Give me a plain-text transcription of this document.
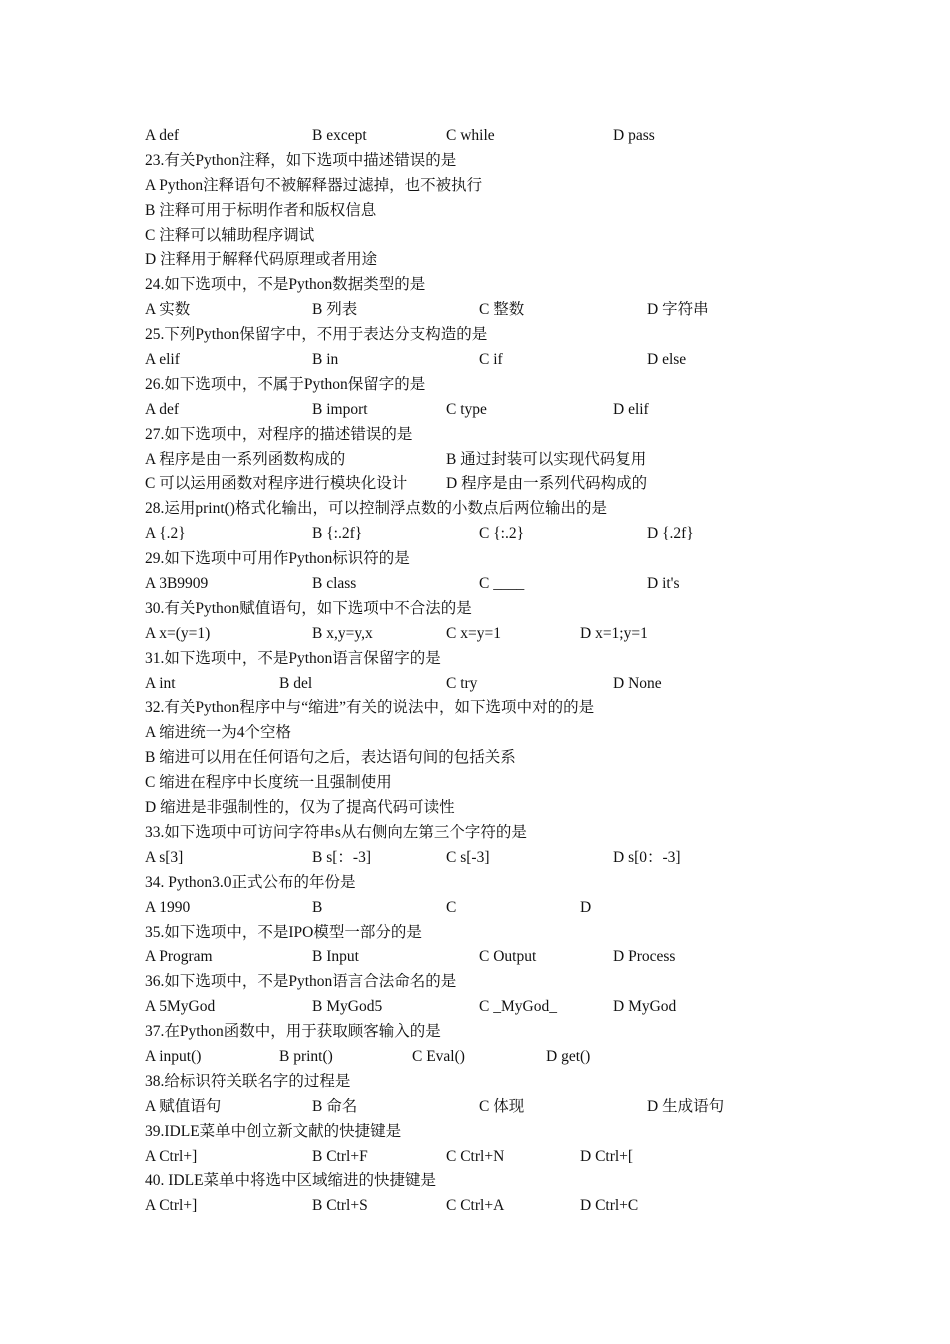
A def	B except	C while	D pass
23.有关Python注释，如下选项中描述错误的是
A Python注释语句不被解释器过滤掉，也不被执行
B 注释可用于标明作者和版权信息
C 注释可以辅助程序调试
D 注释用于解释代码原理或者用途
24.如下选项中，不是Python数据类型的是
A 实数	B 列表	C 整数	D 字符串
25.下列Python保留字中，不用于表达分支构造的是
A elif	B in	C if	D else
26.如下选项中，不属于Python保留字的是
A def	B import	C type	D elif
27.如下选项中，对程序的描述错误的是
A 程序是由一系列函数构成的	B 通过封装可以实现代码复用
C 可以运用函数对程序进行模块化设计	D 程序是由一系列代码构成的
28.运用print()格式化输出，可以控制浮点数的小数点后两位输出的是
A {.2}	B {:.2f}	C {:.2}	D {.2f}
29.如下选项中可用作Python标识符的是
A 3B9909	B class	C ____	D it's
30.有关Python赋值语句，如下选项中不合法的是
A x=(y=1)	B x,y=y,x	C x=y=1	D x=1;y=1
31.如下选项中，不是Python语言保留字的是
A int	B del	C try	D None
32.有关Python程序中与“缩进”有关的说法中，如下选项中对的的是
A 缩进统一为4个空格
B 缩进可以用在任何语句之后，表达语句间的包括关系
C 缩进在程序中长度统一且强制使用
D 缩进是非强制性的，仅为了提高代码可读性
33.如下选项中可访问字符串s从右侧向左第三个字符的是
A s[3]	B s[：-3]	C s[-3]	D s[0：-3]
34. Python3.0正式公布的年份是
A 1990	B	C	D
35.如下选项中，不是IPO模型一部分的是
A Program	B Input	C Output	D Process
36.如下选项中，不是Python语言合法命名的是
A 5MyGod	B MyGod5	C _MyGod_	D MyGod
37.在Python函数中，用于获取顾客输入的是
A input()	B print()	C Eval()	D get()
38.给标识符关联名字的过程是
A 赋值语句	B 命名	C 体现	D 生成语句
39.IDLE菜单中创立新文献的快捷键是
A Ctrl+]	B Ctrl+F	C Ctrl+N	D Ctrl+[
40. IDLE菜单中将选中区域缩进的快捷键是
A Ctrl+]	B Ctrl+S	C Ctrl+A	D Ctrl+C
